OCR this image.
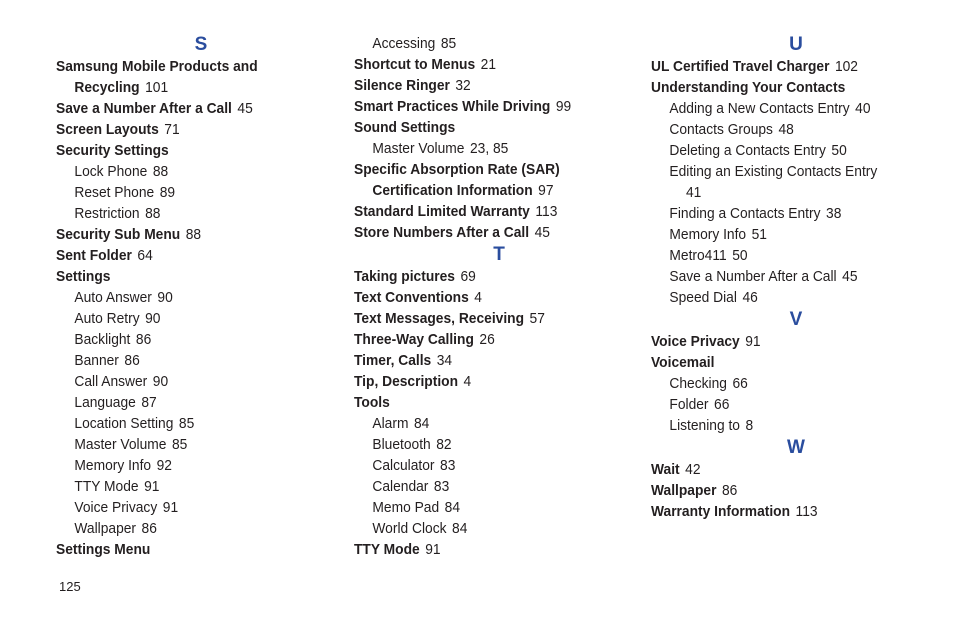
S
Samsung Mobile Products and
Recycling 101
Save a Number After a Call 45
Screen Layouts 71
Security Settings
Lock Phone 88
Reset Phone 89
Restriction 88
Security Sub Menu 88
Sent Folder 64
Settings
Auto Answer 90
Auto Retry 90
Backlight 86
Banner 86
Call Answer 90
Language 87
Location Setting 85
Master Volume 85
Memory Info 92
TTY Mode 91
Voice Privacy 91
Wallpaper 86
Settings Menu
Accessing 85
Shortcut to Menus 21
Silence Ringer 32
Smart Practices While Driving 99
Sound Settings
Master Volume 23, 85
Specific Absorption Rate (SAR)
Certification Information 97
Standard Limited Warranty 113
Store Numbers After a Call 45
T
Taking pictures 69
Text Conventions 4
Text Messages, Receiving 57
Three-Way Calling 26
Timer, Calls 34
Tip, Description 4
Tools
Alarm 84
Bluetooth 82
Calculator 83
Calendar 83
Memo Pad 84
World Clock 84
TTY Mode 91
U
UL Certified Travel Charger 102
Understanding Your Contacts
Adding a New Contacts Entry 40
Contacts Groups 48
Deleting a Contacts Entry 50
Editing an Existing Contacts Entry
41
Finding a Contacts Entry 38
Memory Info 51
Metro411 50
Save a Number After a Call 45
Speed Dial 46
V
Voice Privacy 91
Voicemail
Checking 66
Folder 66
Listening to 8
W
Wait 42
Wallpaper 86
Warranty Information 113
125
